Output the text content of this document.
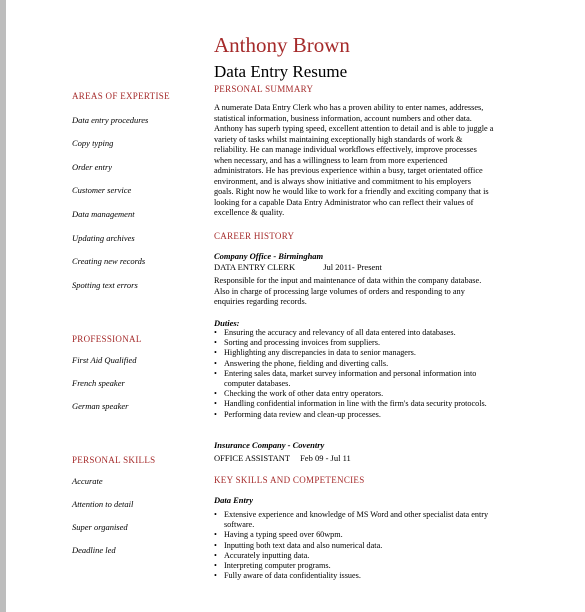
Anthony Brown
Data Entry Resume
AREAS OF EXPERTISE
Data entry procedures
Copy typing
Order entry
Customer service
Data management
Updating archives
Creating new records
Spotting text errors
PROFESSIONAL
First Aid Qualified
French speaker
German speaker
PERSONAL SKILLS
Accurate
Attention to detail
Super organised
Deadline led
PERSONAL SUMMARY
A numerate Data Entry Clerk who has a proven ability to enter names, addresses,
statistical information, business information, account numbers and other data.
Anthony has superb typing speed, excellent attention to detail and is able to juggle a
variety of tasks whilst maintaining exceptionally high standards of work &
reliability. He can manage individual workflows effectively, improve processes
when necessary, and has a willingness to learn from more experienced
administrators. He has previous experience within a busy, target orientated office
environment, and is always show initiative and commitment to his employers
goals. Right now he would like to work for a friendly and exciting company that is
looking for a capable Data Entry Administrator who can reflect their values of
excellence & quality.
CAREER HISTORY
Company Office - Birmingham
DATA ENTRY CLERK	Jul 2011- Present
Responsible for the input and maintenance of data within the company database.
Also in charge of processing large volumes of orders and responding to any
enquiries regarding records.
Duties:
• Ensuring the accuracy and relevancy of all data entered into databases.
• Sorting and processing invoices from suppliers.
• Highlighting any discrepancies in data to senior managers.
• Answering the phone, fielding and diverting calls.
• Entering sales data, market survey information and personal information into
computer databases.
• Checking the work of other data entry operators.
• Handling confidential information in line with the firm's data security protocols.
• Performing data review and clean-up processes.
Insurance Company - Coventry
OFFICE ASSISTANT Feb 09 - Jul 11
KEY SKILLS AND COMPETENCIES
Data Entry
• Extensive experience and knowledge of MS Word and other specialist data entry
software.
• Having a typing speed over 60wpm.
• Inputting both text data and also numerical data.
• Accurately inputting data.
• Interpreting computer programs.
• Fully aware of data confidentiality issues.
